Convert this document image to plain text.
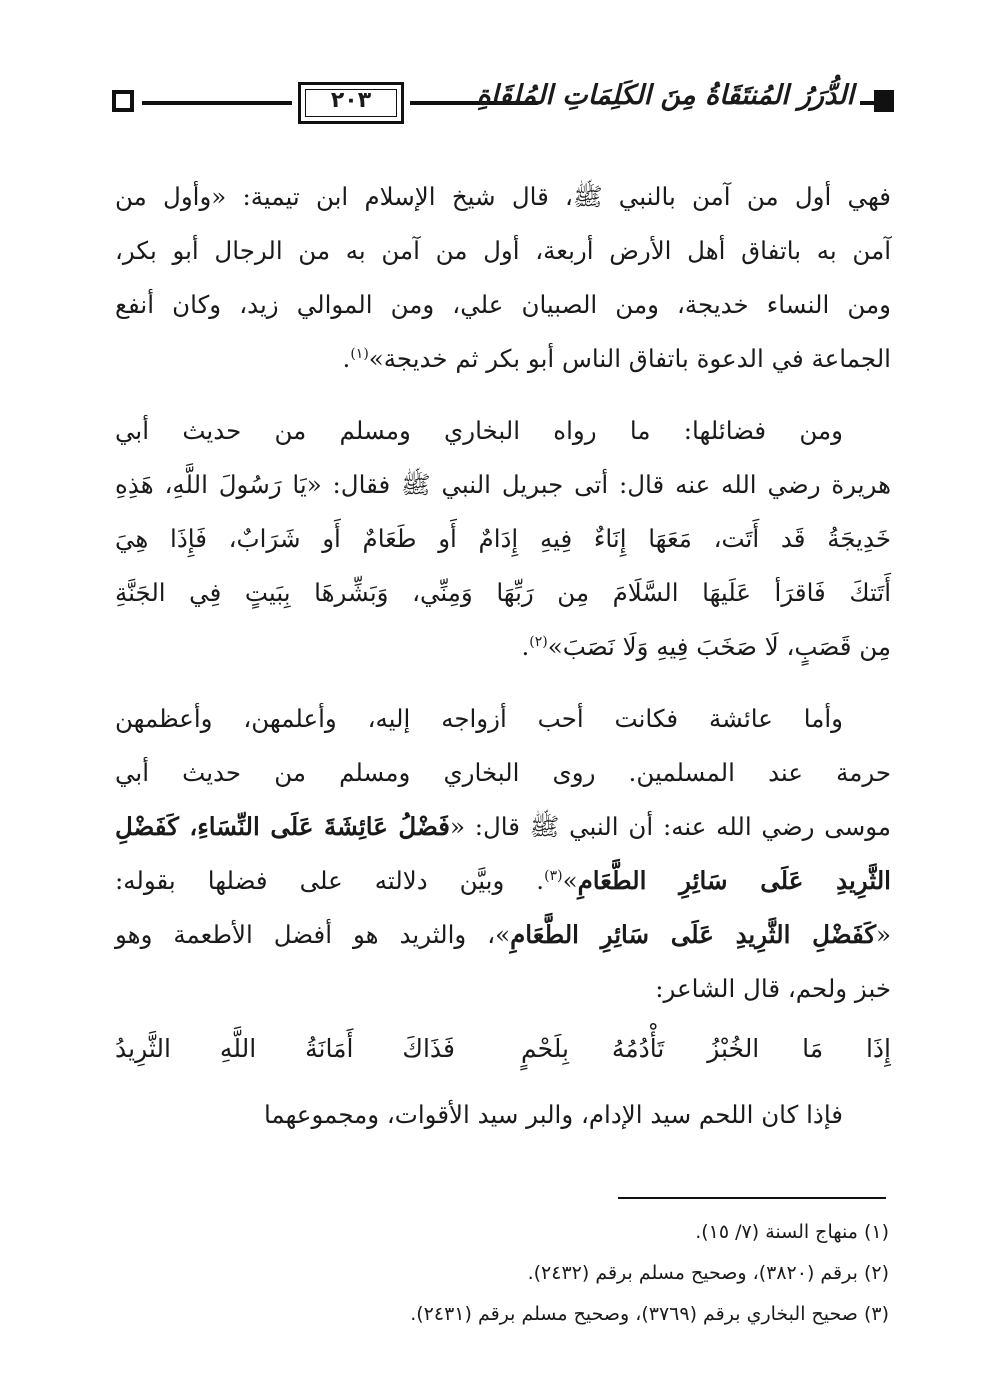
٢٠٣	الدُّرَرُ المُنتَقَاةُ مِنَ الكَلِمَاتِ المُلقَاةِ
فهي أول من آمن بالنبي ﷺ، قال شيخ الإسلام ابن تيمية: «وأول من
آمن به باتفاق أهل الأرض أربعة، أول من آمن به من الرجال أبو بكر،
ومن النساء خديجة، ومن الصبيان علي، ومن الموالي زيد، وكان أنفع
الجماعة في الدعوة باتفاق الناس أبو بكر ثم خديجة»$^{(١)}$.
ومن فضائلها: ما رواه البخاري ومسلم من حديث أبي
هريرة رضي الله عنه قال: أتى جبريل النبي ﷺ فقال: «يَا رَسُولَ اللَّهِ، هَذِهِ
خَدِيجَةُ قَد أَتَت، مَعَهَا إِنَاءٌ فِيهِ إِدَامٌ أَو طَعَامٌ أَو شَرَابٌ، فَإِذَا هِيَ
أَتَتكَ فَاقرَأ عَلَيهَا السَّلَامَ مِن رَبِّهَا وَمِنِّي، وَبَشِّرهَا بِبَيتٍ فِي الجَنَّةِ
مِن قَصَبٍ، لَا صَخَبَ فِيهِ وَلَا نَصَبَ»$^{(٢)}$.
وأما عائشة فكانت أحب أزواجه إليه، وأعلمهن، وأعظمهن
حرمة عند المسلمين. روى البخاري ومسلم من حديث أبي
موسى رضي الله عنه: أن النبي ﷺ قال: «فَضْلُ عَائِشَةَ عَلَى النِّسَاءِ، كَفَضْلِ
الثَّرِيدِ عَلَى سَائِرِ الطَّعَامِ»$^{(٣)}$. وبيَّن دلالته على فضلها بقوله:
«كَفَضْلِ الثَّرِيدِ عَلَى سَائِرِ الطَّعَامِ»، والثريد هو أفضل الأطعمة وهو
خبز ولحم، قال الشاعر:
إِذَا مَا الخُبْزُ تَأْدُمُهُ بِلَحْمٍ
فَذَاكَ أَمَانَةُ اللَّهِ الثَّرِيدُ
فإذا كان اللحم سيد الإدام، والبر سيد الأقوات، ومجموعهما
(١) منهاج السنة (٧/ ١٥).
(٢) برقم (٣٨٢٠)، وصحيح مسلم برقم (٢٤٣٢).
(٣) صحيح البخاري برقم (٣٧٦٩)، وصحيح مسلم برقم (٢٤٣١).
